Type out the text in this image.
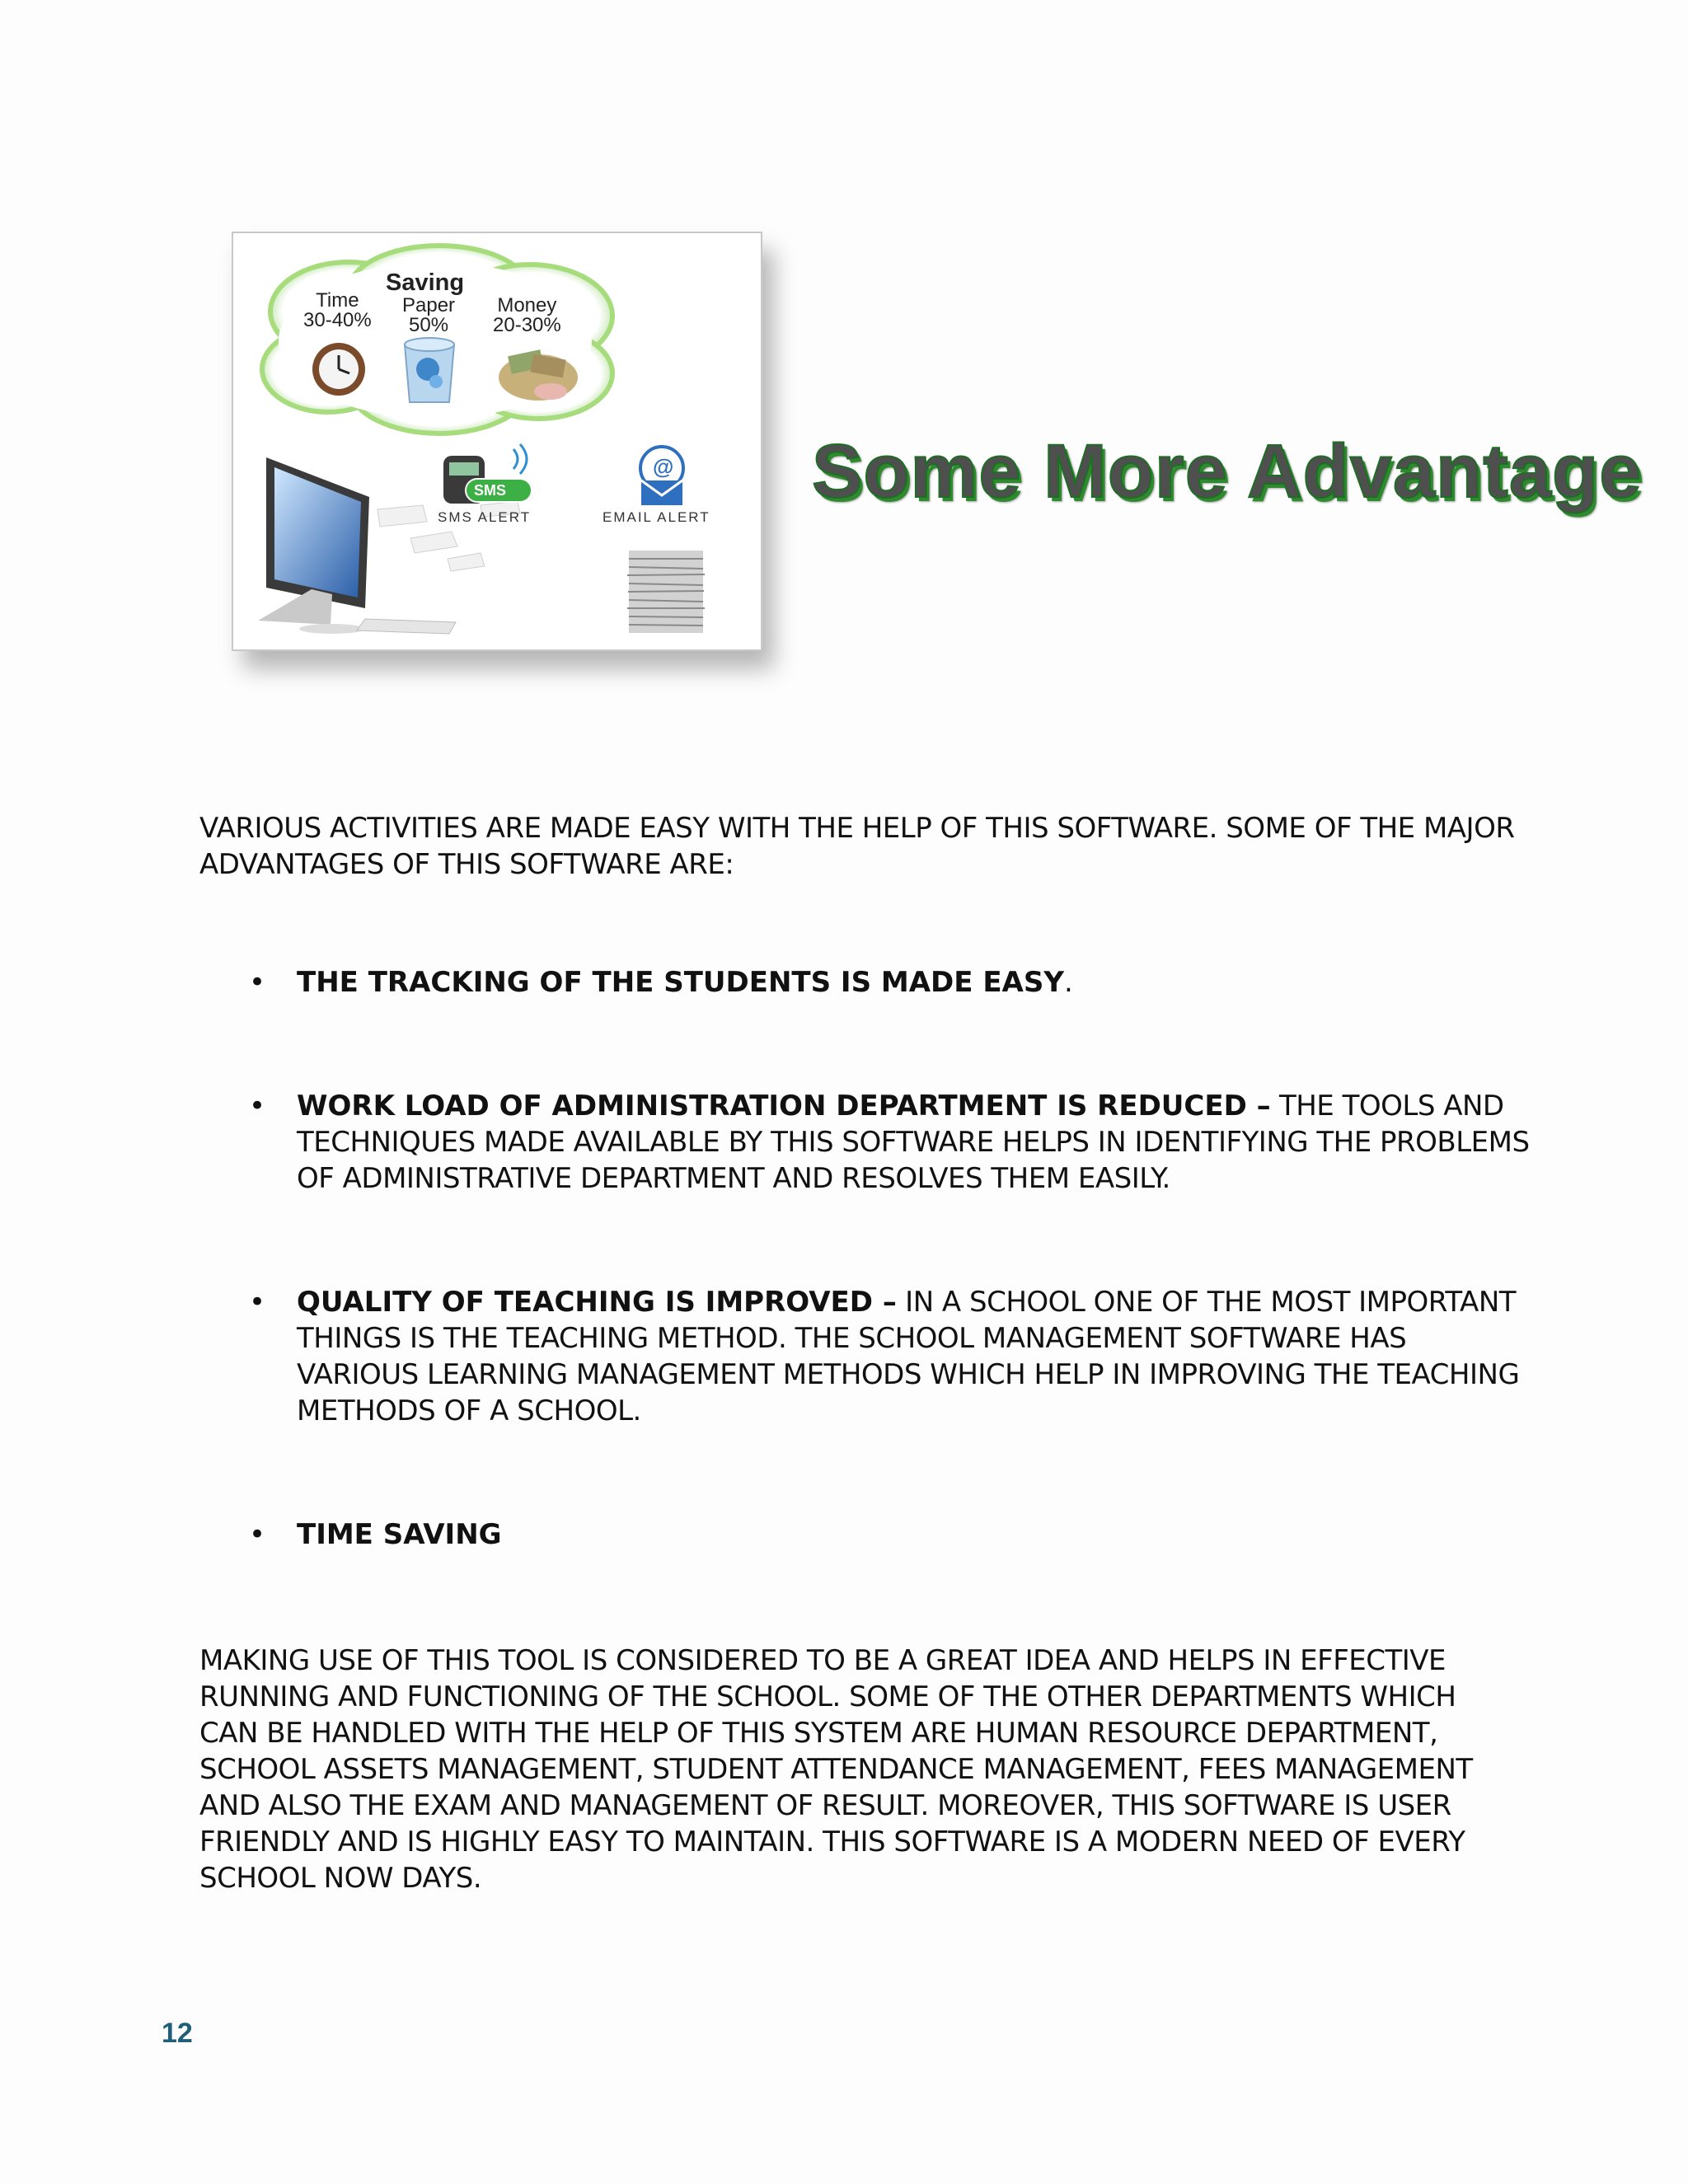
Saving
Time
30-40%
Paper
50%
Money
20-30%
SMS
@
SMS ALERT	EMAIL ALERT
Some More Advantage

VARIOUS ACTIVITIES ARE MADE EASY WITH THE HELP OF THIS SOFTWARE. SOME OF THE MAJOR ADVANTAGES OF THIS SOFTWARE ARE:

• THE TRACKING OF THE STUDENTS IS MADE EASY.
• WORK LOAD OF ADMINISTRATION DEPARTMENT IS REDUCED – THE TOOLS AND TECHNIQUES MADE AVAILABLE BY THIS SOFTWARE HELPS IN IDENTIFYING THE PROBLEMS OF ADMINISTRATIVE DEPARTMENT AND RESOLVES THEM EASILY.
• QUALITY OF TEACHING IS IMPROVED – IN A SCHOOL ONE OF THE MOST IMPORTANT THINGS IS THE TEACHING METHOD. THE SCHOOL MANAGEMENT SOFTWARE HAS VARIOUS LEARNING MANAGEMENT METHODS WHICH HELP IN IMPROVING THE TEACHING METHODS OF A SCHOOL.
• TIME SAVING

MAKING USE OF THIS TOOL IS CONSIDERED TO BE A GREAT IDEA AND HELPS IN EFFECTIVE RUNNING AND FUNCTIONING OF THE SCHOOL. SOME OF THE OTHER DEPARTMENTS WHICH CAN BE HANDLED WITH THE HELP OF THIS SYSTEM ARE HUMAN RESOURCE DEPARTMENT, SCHOOL ASSETS MANAGEMENT, STUDENT ATTENDANCE MANAGEMENT, FEES MANAGEMENT AND ALSO THE EXAM AND MANAGEMENT OF RESULT. MOREOVER, THIS SOFTWARE IS USER FRIENDLY AND IS HIGHLY EASY TO MAINTAIN. THIS SOFTWARE IS A MODERN NEED OF EVERY SCHOOL NOW DAYS.

12
